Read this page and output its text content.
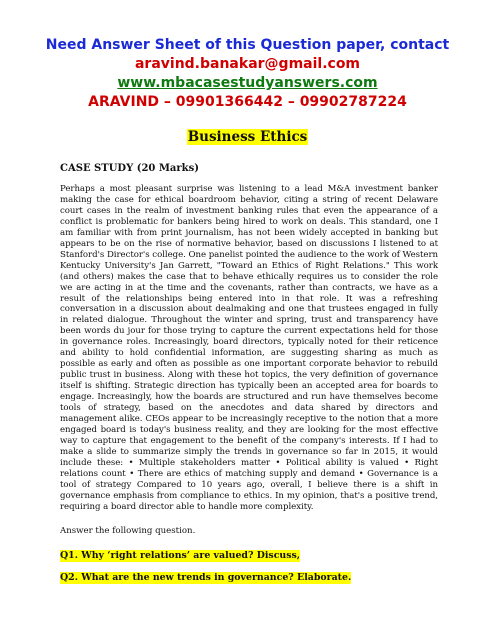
Need Answer Sheet of this Question paper, contact
aravind.banakar@gmail.com
www.mbacasestudyanswers.com
ARAVIND – 09901366442 – 09902787224
Business Ethics
CASE STUDY (20 Marks)
Perhaps a most pleasant surprise was listening to a lead M&A investment banker making the case for ethical boardroom behavior, citing a string of recent Delaware court cases in the realm of investment banking rules that even the appearance of a conflict is problematic for bankers being hired to work on deals. This standard, one I am familiar with from print journalism, has not been widely accepted in banking but appears to be on the rise of normative behavior, based on discussions I listened to at Stanford's Director's college. One panelist pointed the audience to the work of Western Kentucky University's Jan Garrett, "Toward an Ethics of Right Relations." This work (and others) makes the case that to behave ethically requires us to consider the role we are acting in at the time and the covenants, rather than contracts, we have as a result of the relationships being entered into in that role. It was a refreshing conversation in a discussion about dealmaking and one that trustees engaged in fully in related dialogue. Throughout the winter and spring, trust and transparency have been words du jour for those trying to capture the current expectations held for those in governance roles. Increasingly, board directors, typically noted for their reticence and ability to hold confidential information, are suggesting sharing as much as possible as early and often as possible as one important corporate behavior to rebuild public trust in business. Along with these hot topics, the very definition of governance itself is shifting. Strategic direction has typically been an accepted area for boards to engage. Increasingly, how the boards are structured and run have themselves become tools of strategy, based on the anecdotes and data shared by directors and management alike. CEOs appear to be increasingly receptive to the notion that a more engaged board is today's business reality, and they are looking for the most effective way to capture that engagement to the benefit of the company's interests. If I had to make a slide to summarize simply the trends in governance so far in 2015, it would include these: • Multiple stakeholders matter • Political ability is valued • Right relations count • There are ethics of matching supply and demand • Governance is a tool of strategy Compared to 10 years ago, overall, I believe there is a shift in governance emphasis from compliance to ethics. In my opinion, that's a positive trend, requiring a board director able to handle more complexity.
Answer the following question.
Q1. Why ‘right relations’ are valued? Discuss,
Q2. What are the new trends in governance? Elaborate.
